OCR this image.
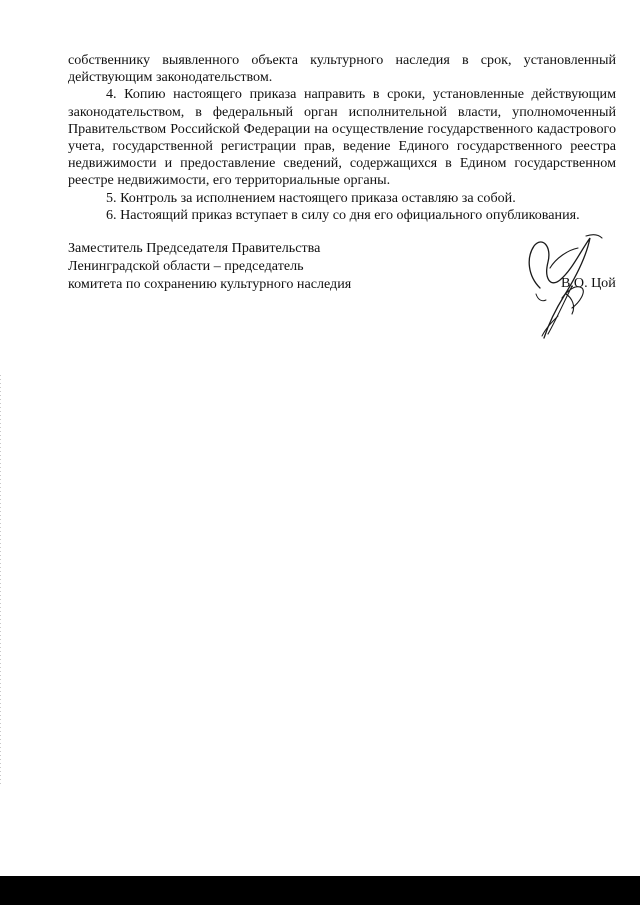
собственнику выявленного объекта культурного наследия в срок, установленный действующим законодательством.

4. Копию настоящего приказа направить в сроки, установленные действующим законодательством, в федеральный орган исполнительной власти, уполномоченный Правительством Российской Федерации на осуществление государственного кадастрового учета, государственной регистрации прав, ведение Единого государственного реестра недвижимости и предоставление сведений, содержащихся в Едином государственном реестре недвижимости, его территориальные органы.

5. Контроль за исполнением настоящего приказа оставляю за собой.

6. Настоящий приказ вступает в силу со дня его официального опубликования.

Заместитель Председателя Правительства
Ленинградской области – председатель
комитета по сохранению культурного наследия	В.О. Цой
